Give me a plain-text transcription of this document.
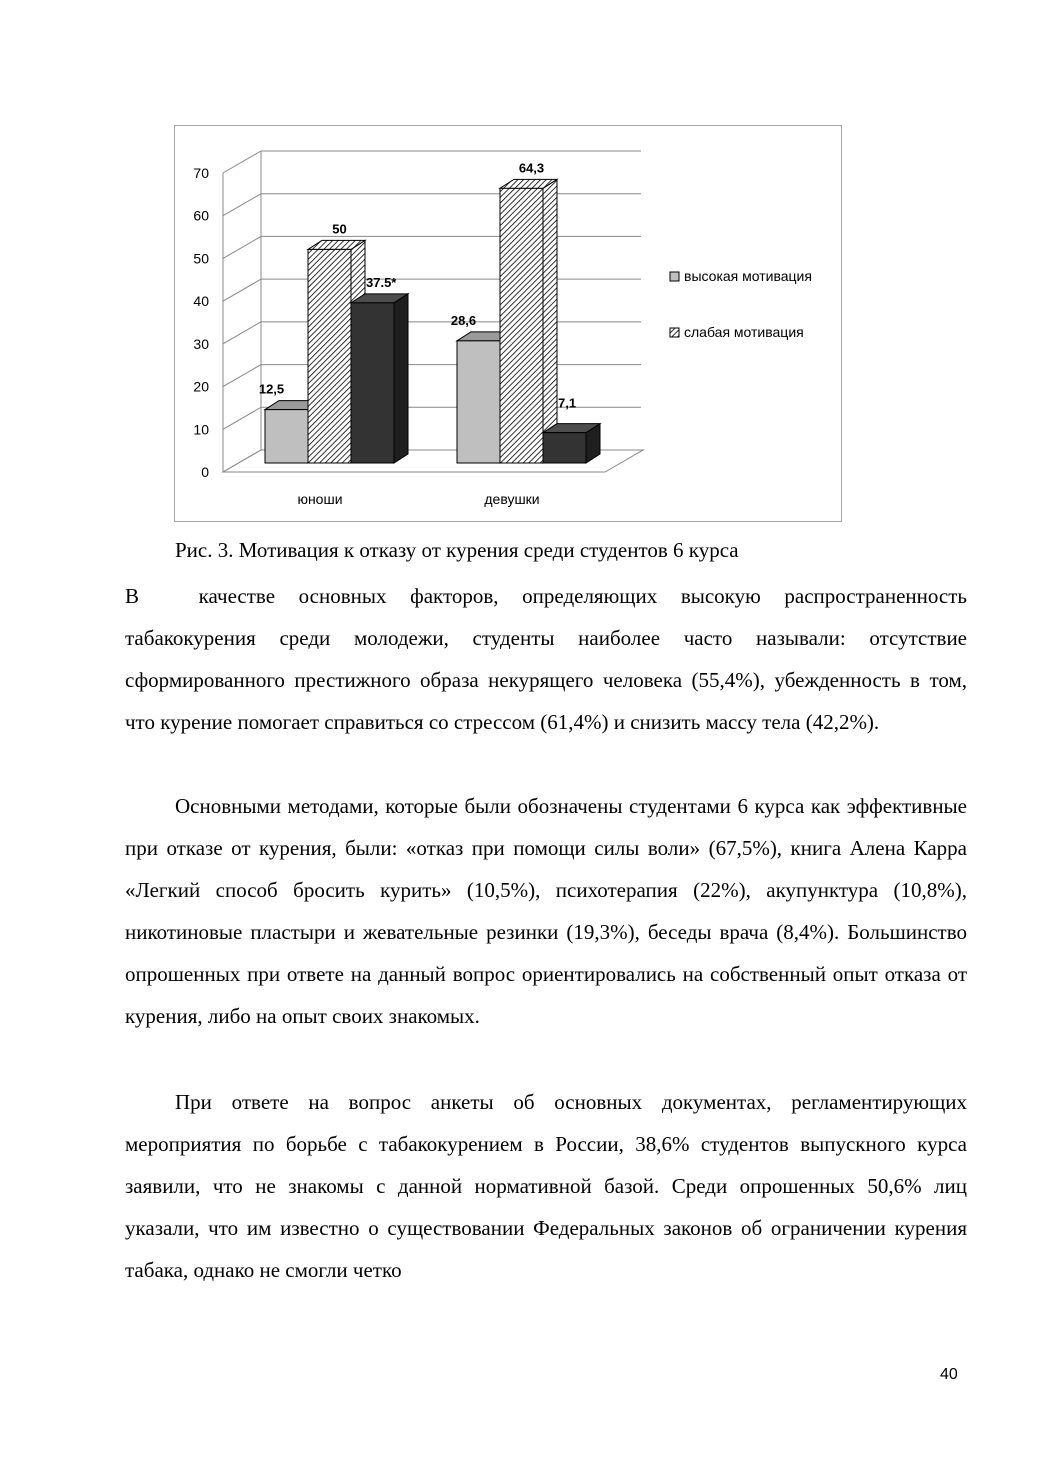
0
10
20
30
40
50
60
70
юноши
12,5
50
37.5*
девушки
28,6
64,3
7,1
высокая мотивация
слабая мотивация
Рис. 3. Мотивация к отказу от курения среди студентов 6 курса

В	качестве основных факторов, определяющих высокую распространенность табакокурения среди молодежи, студенты наиболее часто называли: отсутствие сформированного престижного образа некурящего человека (55,4%), убежденность в том, что курение помогает справиться со стрессом (61,4%) и снизить массу тела (42,2%).

Основными методами, которые были обозначены студентами 6 курса как эффективные при отказе от курения, были: «отказ при помощи силы воли» (67,5%), книга Алена Карра «Легкий способ бросить курить» (10,5%), психотерапия (22%), акупунктура (10,8%), никотиновые пластыри и жевательные резинки (19,3%), беседы врача (8,4%). Большинство опрошенных при ответе на данный вопрос ориентировались на собственный опыт отказа от курения, либо на опыт своих знакомых.

При ответе на вопрос анкеты об основных документах, регламентирующих мероприятия по борьбе с табакокурением в России, 38,6% студентов выпускного курса заявили, что не знакомы с данной нормативной базой. Среди опрошенных 50,6% лиц указали, что им известно о существовании Федеральных законов об ограничении курения табака, однако не смогли четко

40
